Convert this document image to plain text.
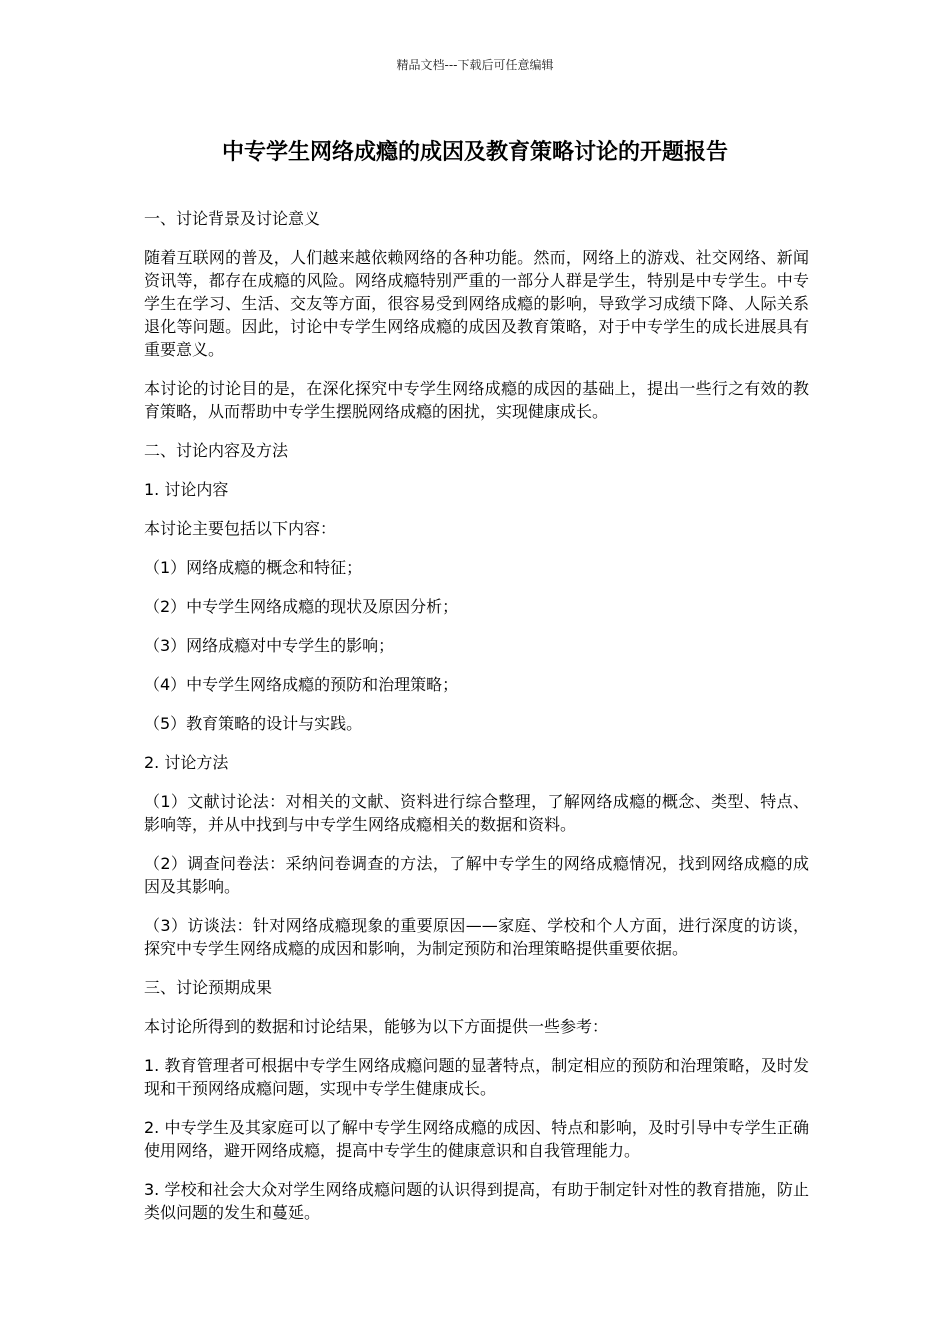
精品文档---下载后可任意编辑
中专学生网络成瘾的成因及教育策略讨论的开题报告

一、讨论背景及讨论意义

随着互联网的普及，人们越来越依赖网络的各种功能。然而，网络上的游戏、社交网络、新闻资讯等，都存在成瘾的风险。网络成瘾特别严重的一部分人群是学生，特别是中专学生。中专学生在学习、生活、交友等方面，很容易受到网络成瘾的影响，导致学习成绩下降、人际关系退化等问题。因此，讨论中专学生网络成瘾的成因及教育策略，对于中专学生的成长进展具有重要意义。

本讨论的讨论目的是，在深化探究中专学生网络成瘾的成因的基础上，提出一些行之有效的教育策略，从而帮助中专学生摆脱网络成瘾的困扰，实现健康成长。

二、讨论内容及方法

1. 讨论内容

本讨论主要包括以下内容：

（1）网络成瘾的概念和特征；

（2）中专学生网络成瘾的现状及原因分析；

（3）网络成瘾对中专学生的影响；

（4）中专学生网络成瘾的预防和治理策略；

（5）教育策略的设计与实践。

2. 讨论方法

（1）文献讨论法：对相关的文献、资料进行综合整理，了解网络成瘾的概念、类型、特点、影响等，并从中找到与中专学生网络成瘾相关的数据和资料。

（2）调查问卷法：采纳问卷调查的方法，了解中专学生的网络成瘾情况，找到网络成瘾的成因及其影响。

（3）访谈法：针对网络成瘾现象的重要原因——家庭、学校和个人方面，进行深度的访谈，探究中专学生网络成瘾的成因和影响，为制定预防和治理策略提供重要依据。

三、讨论预期成果

本讨论所得到的数据和讨论结果，能够为以下方面提供一些参考：

1. 教育管理者可根据中专学生网络成瘾问题的显著特点，制定相应的预防和治理策略，及时发现和干预网络成瘾问题，实现中专学生健康成长。

2. 中专学生及其家庭可以了解中专学生网络成瘾的成因、特点和影响，及时引导中专学生正确使用网络，避开网络成瘾，提高中专学生的健康意识和自我管理能力。

3. 学校和社会大众对学生网络成瘾问题的认识得到提高，有助于制定针对性的教育措施，防止类似问题的发生和蔓延。
